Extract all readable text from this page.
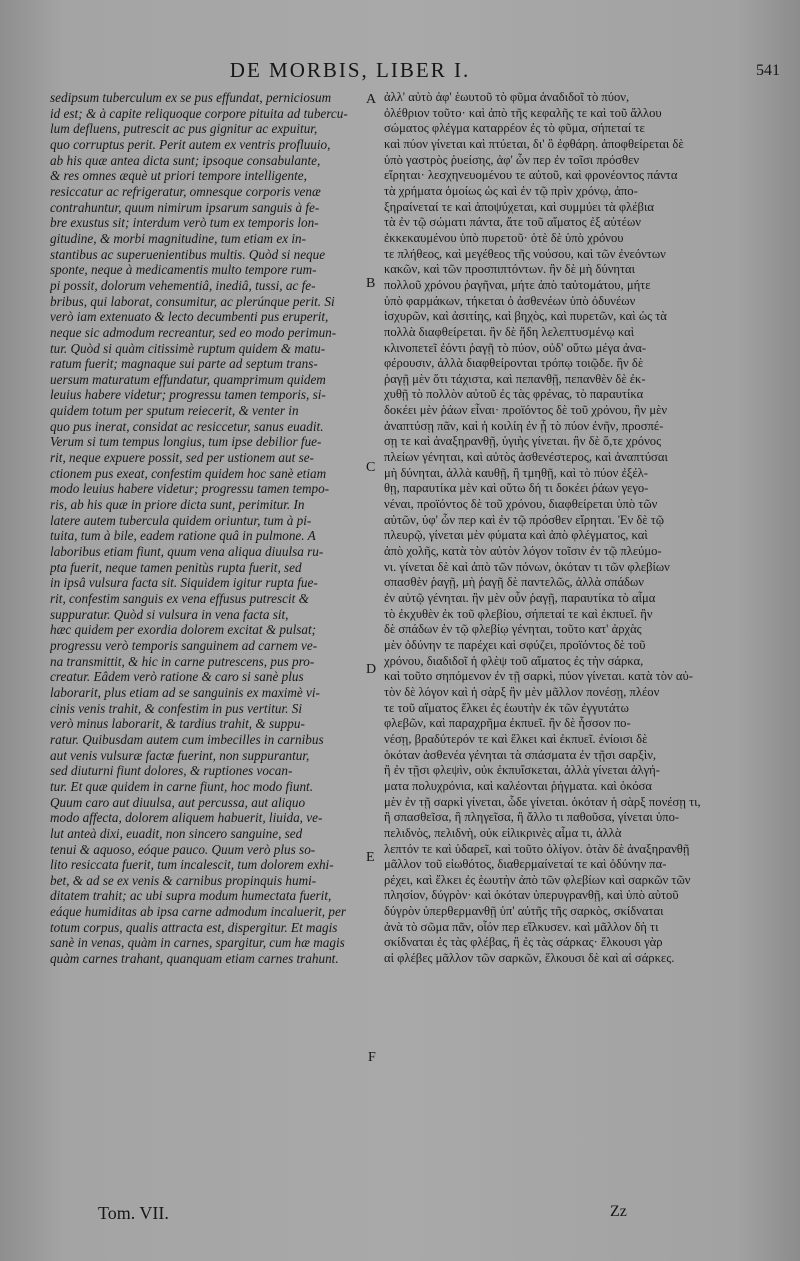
DE MORBIS, LIBER I.	541
sedipsum tuberculum ex se pus effundat, perniciosum
id est; & à capite reliquoque corpore pituita ad tubercu-
lum defluens, putrescit ac pus gignitur ac expuitur,
quo corruptus perit. Perit autem ex ventris profluuio,
ab his quæ antea dicta sunt; ipsoque consabulante,
& res omnes æquè ut priori tempore intelligente,
resiccatur ac refrigeratur, omnesque corporis venæ
contrahuntur, quum nimirum ipsarum sanguis à fe-
bre exustus sit; interdum verò tum ex temporis lon-
gitudine, & morbi magnitudine, tum etiam ex in-
stantibus ac superuenientibus multis. Quòd si neque
sponte, neque à medicamentis multo tempore rum-
pi possit, dolorum vehementiâ, inediâ, tussi, ac fe-
bribus, qui laborat, consumitur, ac plerúnque perit. Si
verò iam extenuato & lecto decumbenti pus eruperit,
neque sic admodum recreantur, sed eo modo perimun-
tur. Quòd si quàm citissimè ruptum quidem & matu-
ratum fuerit; magnaque sui parte ad septum trans-
uersum maturatum effundatur, quamprimum quidem
leuius habere videtur; progressu tamen temporis, si-
quidem totum per sputum reiecerit, & venter in
quo pus inerat, considat ac resiccetur, sanus euadit.
Verum si tum tempus longius, tum ipse debilior fue-
rit, neque expuere possit, sed per ustionem aut se-
ctionem pus exeat, confestim quidem hoc sanè etiam
modo leuius habere videtur; progressu tamen tempo-
ris, ab his quæ in priore dicta sunt, perimitur. In
latere autem tubercula quidem oriuntur, tum à pi-
tuita, tum à bile, eadem ratione quâ in pulmone. A
laboribus etiam fiunt, quum vena aliqua diuulsa ru-
pta fuerit, neque tamen penitùs rupta fuerit, sed
in ipsâ vulsura facta sit. Siquidem igitur rupta fue-
rit, confestim sanguis ex vena effusus putrescit &
suppuratur. Quòd si vulsura in vena facta sit,
hæc quidem per exordia dolorem excitat & pulsat;
progressu verò temporis sanguinem ad carnem ve-
na transmittit, & hic in carne putrescens, pus pro-
creatur. Eâdem verò ratione & caro si sanè plus
laborarit, plus etiam ad se sanguinis ex maximè vi-
cinis venis trahit, & confestim in pus vertitur. Si
verò minus laborarit, & tardius trahit, & suppu-
ratur. Quibusdam autem cum imbecilles in carnibus
aut venis vulsuræ factæ fuerint, non suppurantur,
sed diuturni fiunt dolores, & ruptiones vocan-
tur. Et quæ quidem in carne fiunt, hoc modo fiunt.
Quum caro aut diuulsa, aut percussa, aut aliquo
modo affecta, dolorem aliquem habuerit, liuida, ve-
lut anteà dixi, euadit, non sincero sanguine, sed
tenui & aquoso, eóque pauco. Quum verò plus so-
lito resiccata fuerit, tum incalescit, tum dolorem exhi-
bet, & ad se ex venis & carnibus propinquis humi-
ditatem trahit; ac ubi supra modum humectata fuerit,
eáque humiditas ab ipsa carne admodum incaluerit, per
totum corpus, qualis attracta est, dispergitur. Et magis
sanè in venas, quàm in carnes, spargitur, cum hæ magis
quàm carnes trahant, quanquam etiam carnes trahunt.
A
B
C
D
E
F
ἀλλ' αὐτὸ ἀφ' ἑωυτοῦ τὸ φῦμα ἀναδιδοῖ τὸ πύον,
ὀλέθριον τοῦτο· καὶ ἀπὸ τῆς κεφαλῆς τε καὶ τοῦ ἄλλου
σώματος φλέγμα καταρρέον ἐς τὸ φῦμα, σήπεταί τε
καὶ πύον γίνεται καὶ πτύεται, δι' ὃ ἐφθάρη. ἀποφθείρεται δὲ
ὑπὸ γαστρὸς ῥυείσης, ἀφ' ὧν περ ἐν τοῖσι πρόσθεν
εἴρηται· λεσχηνευομένου τε αὐτοῦ, καὶ φρονέοντος πάντα
τὰ χρήματα ὁμοίως ὡς καὶ ἐν τῷ πρὶν χρόνῳ, ἀπο-
ξηραίνεταί τε καὶ ἀποψύχεται, καὶ συμμύει τὰ φλέβια
τὰ ἐν τῷ σώματι πάντα, ἅτε τοῦ αἵματος ἐξ αὐτέων
ἐκκεκαυμένου ὑπὸ πυρετοῦ· ὁτὲ δὲ ὑπὸ χρόνου
τε πλήθεος, καὶ μεγέθεος τῆς νούσου, καὶ τῶν ἐνεόντων
κακῶν, καὶ τῶν προσπιπτόντων. ἢν δὲ μὴ δύνηται
πολλοῦ χρόνου ῥαγῆναι, μήτε ἀπὸ ταὐτομάτου, μήτε
ὑπὸ φαρμάκων, τήκεται ὁ ἀσθενέων ὑπὸ ὀδυνέων
ἰσχυρῶν, καὶ ἀσιτίης, καὶ βηχὸς, καὶ πυρετῶν, καὶ ὡς τὰ
πολλὰ διαφθείρεται. ἢν δὲ ἤδη λελεπτυσμένῳ καὶ
κλινοπετεῖ ἐόντι ῥαγῇ τὸ πύον, οὐδ' οὕτω μέγα ἀνα-
φέρουσιν, ἀλλὰ διαφθείρονται τρόπῳ τοιῷδε. ἢν δὲ
ῥαγῇ μὲν ὅτι τάχιστα, καὶ πεπανθῇ, πεπανθὲν δὲ ἐκ-
χυθῇ τὸ πολλὸν αὐτοῦ ἐς τὰς φρένας, τὸ παραυτίκα
δοκέει μὲν ῥάων εἶναι· προϊόντος δὲ τοῦ χρόνου, ἢν μὲν
ἀναπτύσῃ πᾶν, καὶ ἡ κοιλίη ἐν ᾗ τὸ πύον ἐνῆν, προσπέ-
σῃ τε καὶ ἀναξηρανθῇ, ὑγιὴς γίνεται. ἢν δὲ ὅ,τε χρόνος
πλείων γένηται, καὶ αὐτὸς ἀσθενέστερος, καὶ ἀναπτύσαι
μὴ δύνηται, ἀλλὰ καυθῇ, ἢ τμηθῇ, καὶ τὸ πύον ἐξέλ-
θῃ, παραυτίκα μὲν καὶ οὕτω δή τι δοκέει ῥάων γεγο-
νέναι, προϊόντος δὲ τοῦ χρόνου, διαφθείρεται ὑπὸ τῶν
αὐτῶν, ὑφ' ὧν περ καὶ ἐν τῷ πρόσθεν εἴρηται. Ἐν δὲ τῷ
πλευρῷ, γίνεται μὲν φύματα καὶ ἀπὸ φλέγματος, καὶ
ἀπὸ χολῆς, κατὰ τὸν αὐτὸν λόγον τοῖσιν ἐν τῷ πλεύμο-
νι. γίνεται δὲ καὶ ἀπὸ τῶν πόνων, ὁκόταν τι τῶν φλεβίων
σπασθὲν ῥαγῇ, μὴ ῥαγῇ δὲ παντελῶς, ἀλλὰ σπάδων
ἐν αὐτῷ γένηται. ἢν μὲν οὖν ῥαγῇ, παραυτίκα τὸ αἷμα
τὸ ἐκχυθὲν ἐκ τοῦ φλεβίου, σήπεταί τε καὶ ἐκπυεῖ. ἢν
δὲ σπάδων ἐν τῷ φλεβίῳ γένηται, τοῦτο κατ' ἀρχὰς
μὲν ὀδύνην τε παρέχει καὶ σφύζει, προϊόντος δὲ τοῦ
χρόνου, διαδιδοῖ ἡ φλὲψ τοῦ αἵματος ἐς τὴν σάρκα,
καὶ τοῦτο σηπόμενον ἐν τῇ σαρκὶ, πύον γίνεται. κατὰ τὸν αὐ-
τὸν δὲ λόγον καὶ ἡ σὰρξ ἢν μὲν μᾶλλον πονέσῃ, πλέον
τε τοῦ αἵματος ἕλκει ἐς ἑωυτὴν ἐκ τῶν ἐγγυτάτω
φλεβῶν, καὶ παραχρῆμα ἐκπυεῖ. ἢν δὲ ἧσσον πο-
νέσῃ, βραδύτερόν τε καὶ ἕλκει καὶ ἐκπυεῖ. ἐνίοισι δὲ
ὁκόταν ἀσθενέα γένηται τὰ σπάσματα ἐν τῇσι σαρξὶν,
ἢ ἐν τῇσι φλεψὶν, οὐκ ἐκπυΐσκεται, ἀλλὰ γίνεται ἀλγή-
ματα πολυχρόνια, καὶ καλέονται ῥήγματα. καὶ ὁκόσα
μὲν ἐν τῇ σαρκὶ γίνεται, ὧδε γίνεται. ὁκόταν ἡ σὰρξ πονέσῃ τι,
ἢ σπασθεῖσα, ἢ πληγεῖσα, ἢ ἄλλο τι παθοῦσα, γίνεται ὑπο-
πελιδνὸς, πελιδνὴ, οὐκ εἰλικρινὲς αἷμα τι, ἀλλὰ
λεπτόν τε καὶ ὑδαρεῖ, καὶ τοῦτο ὀλίγον. ὁτὰν δὲ ἀναξηρανθῇ
μᾶλλον τοῦ εἰωθότος, διαθερμαίνεταί τε καὶ ὀδύνην πα-
ρέχει, καὶ ἕλκει ἐς ἑωυτὴν ἀπὸ τῶν φλεβίων καὶ σαρκῶν τῶν
πλησίον, δύγρὸν· καὶ ὁκόταν ὑπερυγρανθῇ, καὶ ὑπὸ αὐτοῦ
δύγρὸν ὑπερθερμανθῇ ὑπ' αὐτῆς τῆς σαρκὸς, σκίδναται
ἀνὰ τὸ σῶμα πᾶν, οἷόν περ εἵλκυσεν. καὶ μᾶλλον δὴ τι
σκίδναται ἐς τὰς φλέβας, ἢ ἐς τὰς σάρκας· ἕλκουσι γὰρ
αἱ φλέβες μᾶλλον τῶν σαρκῶν, ἕλκουσι δὲ καὶ αἱ σάρκες.
Tom. VII.	Zz
